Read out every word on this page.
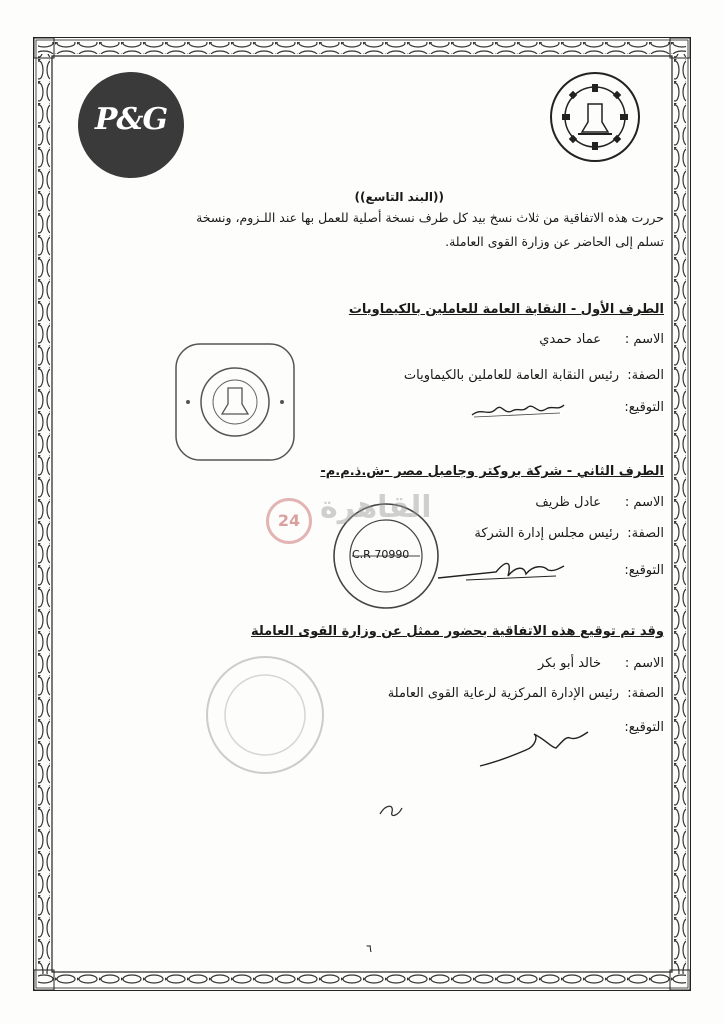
P&G
((البند التاسع))
حررت هذه الاتفاقية من ثلاث نسخ بيد كل طرف نسخة أصلية للعمل بها عند اللـزوم، ونسخة
تسلم إلى الحاضر عن وزارة القوى العاملة.
الطرف الأول - النقابة العامة للعاملين بالكيماويات
الاسم :
عماد حمدي
الصفة:
رئيس النقابة العامة للعاملين بالكيماويات
التوقيع:
الطرف الثاني - شركة بروكتر وجامبل مصر -ش.ذ.م.م-
الاسم :
عادل ظريف
الصفة:
رئيس مجلس إدارة الشركة
التوقيع:
وقد تم توقيع هذه الاتفاقية بحضور ممثل عن وزارة القوى العاملة
الاسم :
خالد أبو بكر
الصفة:
رئيس الإدارة المركزية لرعاية القوى العاملة
التوقيع:
٦
C.R 70990
24 القاهرة
